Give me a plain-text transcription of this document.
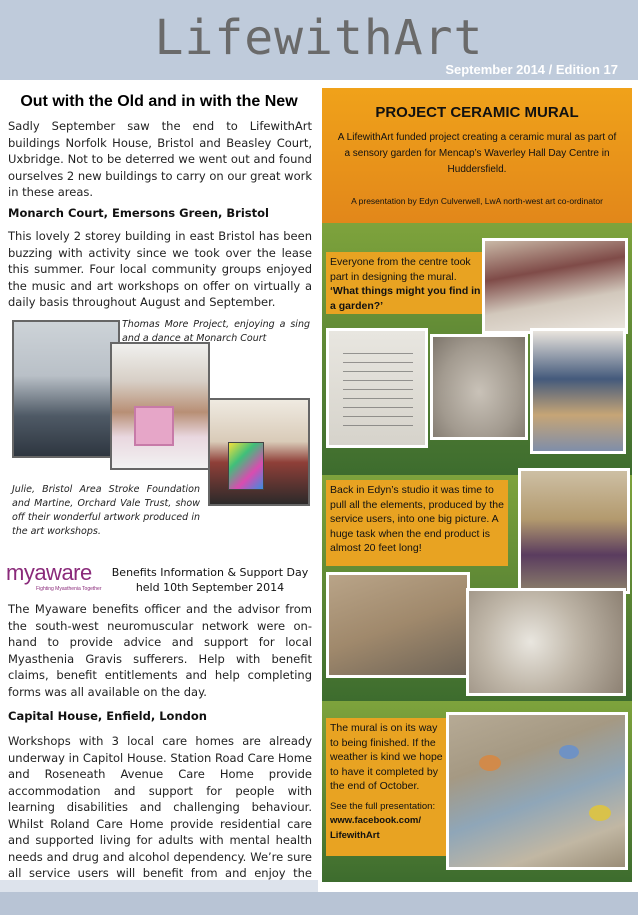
LifewithArt
September 2014 / Edition 17
Out with the Old and in with the New

Sadly September saw the end to LifewithArt buildings Norfolk House, Bristol and Beasley Court, Uxbridge. Not to be deterred we went out and found ourselves 2 new buildings to carry on our great work in these areas.

Monarch Court, Emersons Green, Bristol

This lovely 2 storey building in east Bristol has been buzzing with activity since we took over the lease this summer. Four local community groups enjoyed the music and art workshops on offer on virtually a daily basis throughout August and September.

Thomas More Project, enjoying a sing and a dance at Monarch Court
Julie, Bristol Area Stroke Foundation and Martine, Orchard Vale Trust, show off their wonderful artwork produced in the art workshops.
myaware
Fighting Myasthenia Together
Benefits Information & Support Day held 10th September 2014

The Myaware benefits officer and the advisor from the south-west neuromuscular network were on-hand to provide advice and support for local Myasthenia Gravis sufferers. Help with benefit claims, benefit entitlements and help completing forms was all available on the day.

Capital House, Enfield, London

Workshops with 3 local care homes are already underway in Capitol House. Station Road Care Home and Roseneath Avenue Care Home provide accommodation and support for people with learning disabilities and challenging behaviour. Whilst Roland Care Home provide residential care and supported living for adults with mental health needs and drug and alcohol dependency. We’re sure all service users will benefit from and enjoy the

PROJECT CERAMIC MURAL
A LifewithArt funded project creating a ceramic mural as part of a sensory garden for Mencap’s Waverley Hall Day Centre in Huddersfield.
A presentation by Edyn Culverwell, LwA north-west art co-ordinator
Everyone from the centre took part in designing the mural. ‘What things might you find in a garden?’
Back in Edyn’s studio it was time to pull all the elements, produced by the service users, into one big picture. A huge task when the end product is almost 20 feet long!
The mural is on its way to being finished. If the weather is kind we hope to have it completed by the end of October.
See the full presentation:
www.facebook.com/ LifewithArt
